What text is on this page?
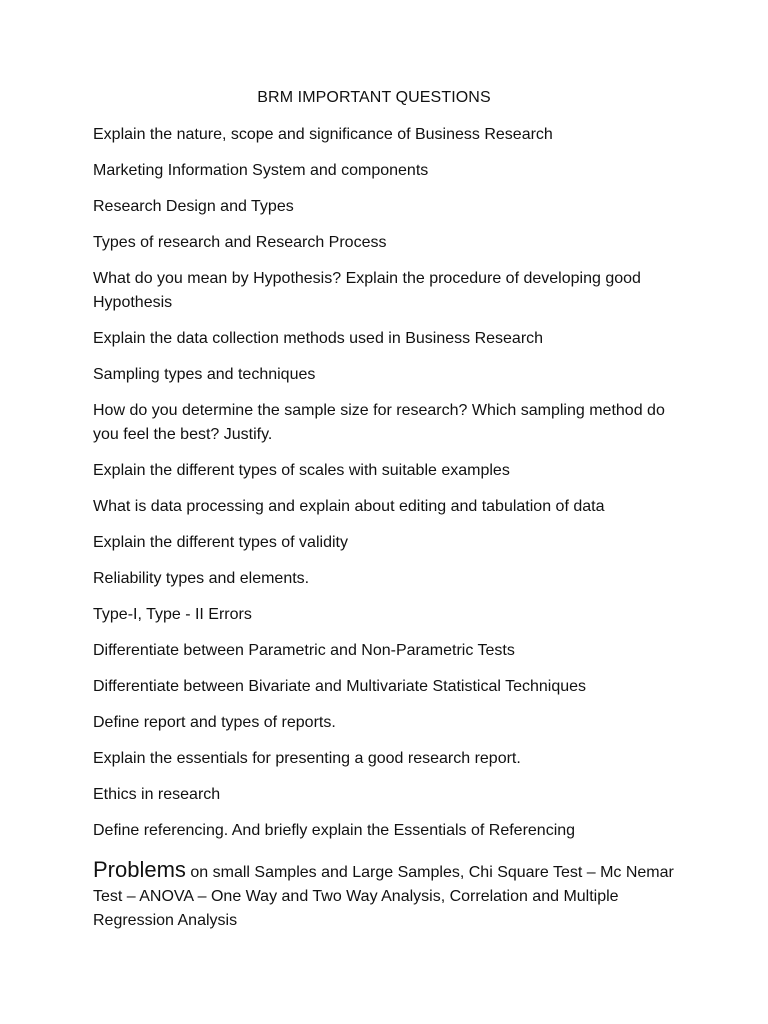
BRM IMPORTANT QUESTIONS
Explain the nature, scope and significance of Business Research
Marketing Information System and components
Research Design and Types
Types of research and Research Process
What do you mean by Hypothesis? Explain the procedure of developing good Hypothesis
Explain the data collection methods used in Business Research
Sampling types and techniques
How do you determine the sample size for research? Which sampling method do you feel the best? Justify.
Explain the different types of scales with suitable examples
What is data processing and explain about editing and tabulation of data
Explain the different types of validity
Reliability types and elements.
Type-I, Type - II Errors
Differentiate between Parametric and Non-Parametric Tests
Differentiate between Bivariate and Multivariate Statistical Techniques
Define report and types of reports.
Explain the essentials for presenting a good research report.
Ethics in research
Define referencing. And briefly explain the Essentials of Referencing

Problems on small Samples and Large Samples, Chi Square Test – Mc Nemar Test – ANOVA – One Way and Two Way Analysis, Correlation and Multiple Regression Analysis
